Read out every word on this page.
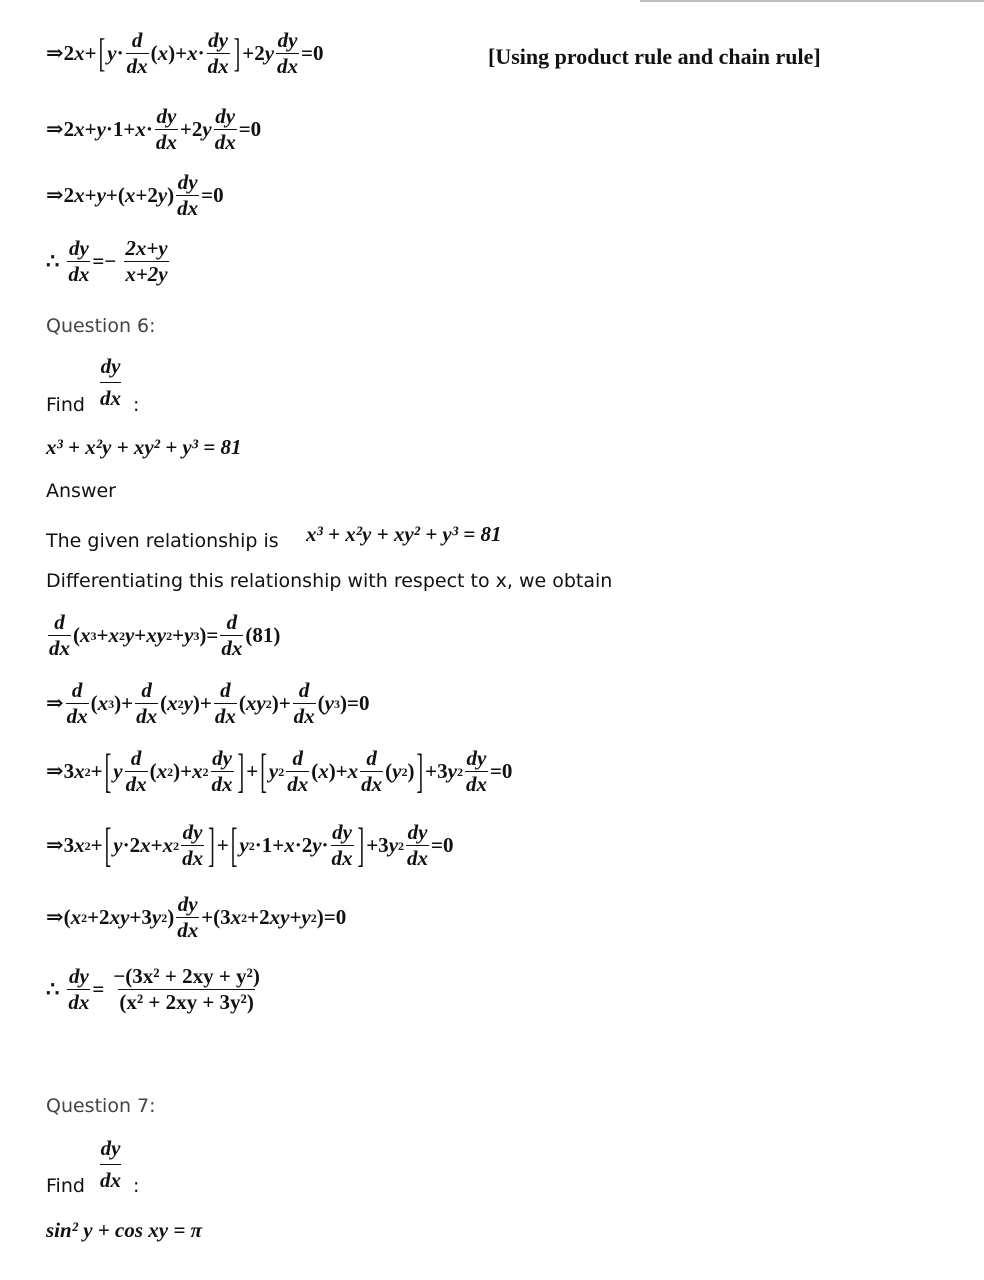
⇒2 x + [ $y \cdot \frac{d}{dx}$ ( x )+ $x \cdot \frac{dy}{dx}$ ] +2 y $\frac{dy}{dx} =0$	[Using product rule and chain rule]
⇒2 $x + y \cdot 1+ x \cdot \frac{dy}{dx} +2$ y $\frac{dy}{dx} =0$
⇒2 x + y +( x +2 y ) $\frac{dy}{dx} =0$
∴ $\frac{dy}{dx} =- \frac{2x+y}{x+2y}$
Question 6:
dy
dx
Find	:
x³ + x²y + xy² + y³ = 81
Answer
The given relationship is x³ + x²y + xy² + y³ = 81
Differentiating this relationship with respect to x, we obtain
$\frac{d}{dx}$ ( x 3 + x 2 y + xy 2 + y 3 )= $\frac{d}{dx} (81)$
⇒ $\frac{d}{dx}$ ( x 3 )+ $\frac{d}{dx}$ ( x 2 y )+ $\frac{d}{dx}$ ( xy 2 )+ $\frac{d}{dx}$ ( y 3 )=0
⇒3 x 2 + [ y $\frac{d}{dx}$ ( x 2 )+ x $2 \frac{dy}{dx}$ ] + [ y $2 \frac{d}{dx}$ ( x )+ x $\frac{d}{dx}$ ( y 2 ) ] +3 y $2 \frac{dy}{dx} =0$
⇒3 x 2 + [ y ·2 x + x $2 \frac{dy}{dx}$ ] + [ y 2 ·1+ x ·2 $y \cdot \frac{dy}{dx}$ ] +3 y $2 \frac{dy}{dx} =0$
⇒( x 2 +2 xy +3 y 2 ) $\frac{dy}{dx} +(3$ x 2 +2 xy + y 2 )=0
∴ $\frac{dy}{dx} = \frac{\text{−(3x² + 2xy + y²)}}{\text{(x² + 2xy + 3y²)}}$
Question 7:
dy
dx
Find	:
sin² y + cos xy = π
